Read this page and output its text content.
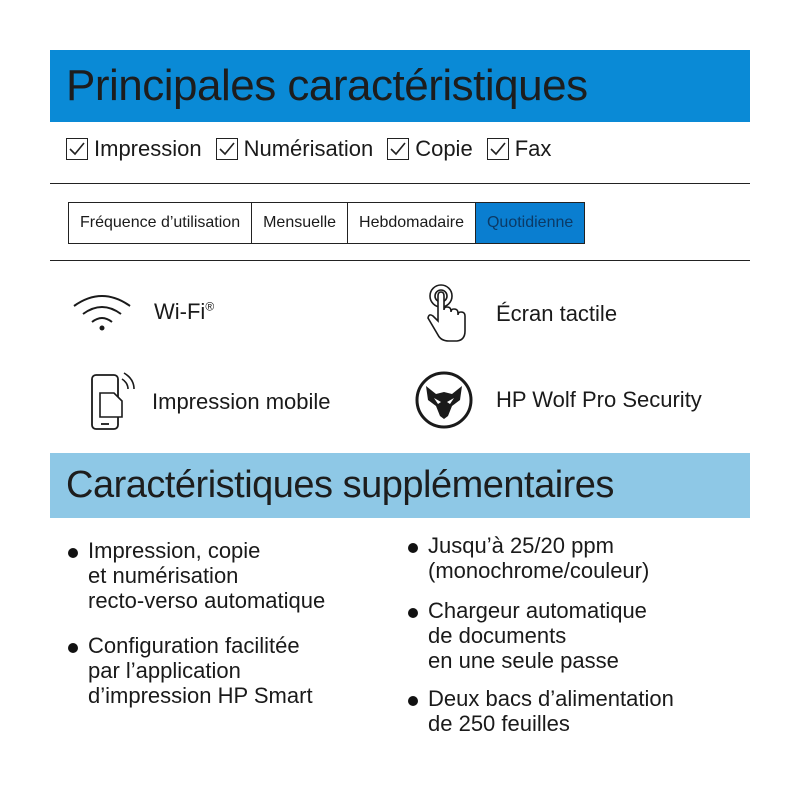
Principales caractéristiques
Impression Numérisation Copie Fax
Fréquence d’utilisation	Mensuelle	Hebdomadaire	Quotidienne
Wi-Fi®	Écran tactile
Impression mobile	HP Wolf Pro Security
Caractéristiques supplémentaires
Impression, copie
et numérisation
recto-verso automatique
Configuration facilitée
par l’application
d’impression HP Smart
Jusqu’à 25/20 ppm
(monochrome/couleur)
Chargeur automatique
de documents
en une seule passe
Deux bacs d’alimentation
de 250 feuilles
